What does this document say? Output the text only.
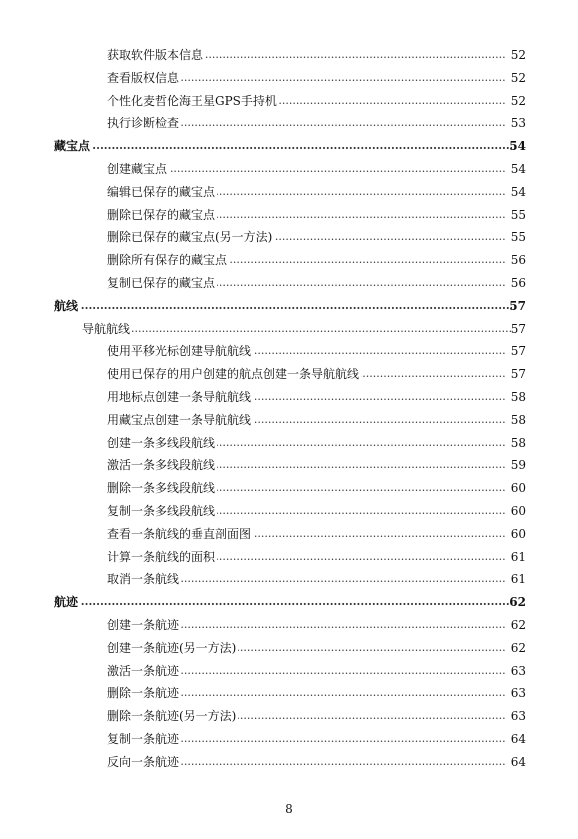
.....
获取软件版本信息	52
.....
查看版权信息	52
.....
个性化麦哲伦海王星GPS手持机	52
.....
执行诊断检查	53
.....
藏宝点	54
.....
创建藏宝点	54
.....
编辑已保存的藏宝点	54
.....
删除已保存的藏宝点	55
.....
删除已保存的藏宝点(另一方法)	55
.....
删除所有保存的藏宝点	56
.....
复制已保存的藏宝点	56
.....
航线	57
.....
导航航线	57
.....
使用平移光标创建导航航线	57
.....
使用已保存的用户创建的航点创建一条导航航线	57
.....
用地标点创建一条导航航线	58
.....
用藏宝点创建一条导航航线	58
.....
创建一条多线段航线	58
.....
激活一条多线段航线	59
.....
删除一条多线段航线	60
.....
复制一条多线段航线	60
.....
查看一条航线的垂直剖面图	60
.....
计算一条航线的面积	61
.....
取消一条航线	61
.....
航迹	62
.....
创建一条航迹	62
.....
创建一条航迹(另一方法)	62
.....
激活一条航迹	63
.....
删除一条航迹	63
.....
删除一条航迹(另一方法)	63
.....
复制一条航迹	64
.....
反向一条航迹	64
8
